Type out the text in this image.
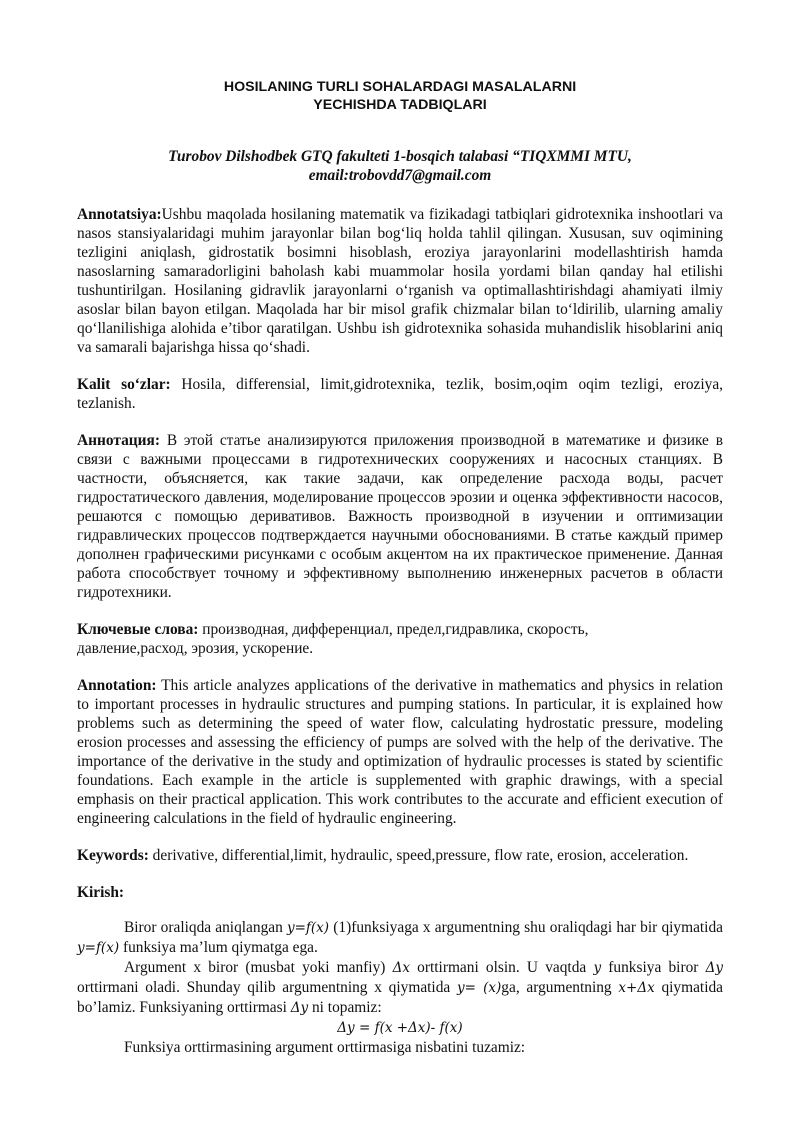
HOSILANING TURLI SOHALARDAGI MASALALARNI
YECHISHDA TADBIQLARI

Turobov Dilshodbek GTQ fakulteti 1-bosqich talabasi “TIQXMMI MTU,
email:trobovdd7@gmail.com

Annotatsiya:Ushbu maqolada hosilaning matematik va fizikadagi tatbiqlari gidrotexnika inshootlari va nasos stansiyalaridagi muhim jarayonlar bilan bog‘liq holda tahlil qilingan. Xususan, suv oqimining tezligini aniqlash, gidrostatik bosimni hisoblash, eroziya jarayonlarini modellashtirish hamda nasoslarning samaradorligini baholash kabi muammolar hosila yordami bilan qanday hal etilishi tushuntirilgan. Hosilaning gidravlik jarayonlarni o‘rganish va optimallashtirishdagi ahamiyati ilmiy asoslar bilan bayon etilgan. Maqolada har bir misol grafik chizmalar bilan to‘ldirilib, ularning amaliy qo‘llanilishiga alohida e’tibor qaratilgan. Ushbu ish gidrotexnika sohasida muhandislik hisoblarini aniq va samarali bajarishga hissa qo‘shadi.

Kalit so‘zlar: Hosila, differensial, limit,gidrotexnika, tezlik, bosim,oqim oqim tezligi, eroziya, tezlanish.

Аннотация: В этой статье анализируются приложения производной в математике и физике в связи с важными процессами в гидротехнических сооружениях и насосных станциях. В частности, объясняется, как такие задачи, как определение расхода воды, расчет гидростатического давления, моделирование процессов эрозии и оценка эффективности насосов, решаются с помощью деривативов. Важность производной в изучении и оптимизации гидравлических процессов подтверждается научными обоснованиями. В статье каждый пример дополнен графическими рисунками с особым акцентом на их практическое применение. Данная работа способствует точному и эффективному выполнению инженерных расчетов в области гидротехники.

Ключевые слова: производная, дифференциал, предел,гидравлика, скорость,
давление,расход, эрозия, ускорение.

Annotation: This article analyzes applications of the derivative in mathematics and physics in relation to important processes in hydraulic structures and pumping stations. In particular, it is explained how problems such as determining the speed of water flow, calculating hydrostatic pressure, modeling erosion processes and assessing the efficiency of pumps are solved with the help of the derivative. The importance of the derivative in the study and optimization of hydraulic processes is stated by scientific foundations. Each example in the article is supplemented with graphic drawings, with a special emphasis on their practical application. This work contributes to the accurate and efficient execution of engineering calculations in the field of hydraulic engineering.

Keywords: derivative, differential,limit, hydraulic, speed,pressure, flow rate, erosion, acceleration.

Kirish:

Biror oraliqda aniqlangan y=f(x) (1)funksiyaga x argumentning shu oraliqdagi har bir qiymatida y=f(x) funksiya ma’lum qiymatga ega.

Argument x biror (musbat yoki manfiy) Δx orttirmani olsin. U vaqtda y funksiya biror Δy orttirmani oladi. Shunday qilib argumentning x qiymatida y= (x)ga, argumentning x+Δx qiymatida bo’lamiz. Funksiyaning orttirmasi Δy ni topamiz:

Δy = f(x +Δx)- f(x)

Funksiya orttirmasining argument orttirmasiga nisbatini tuzamiz:
